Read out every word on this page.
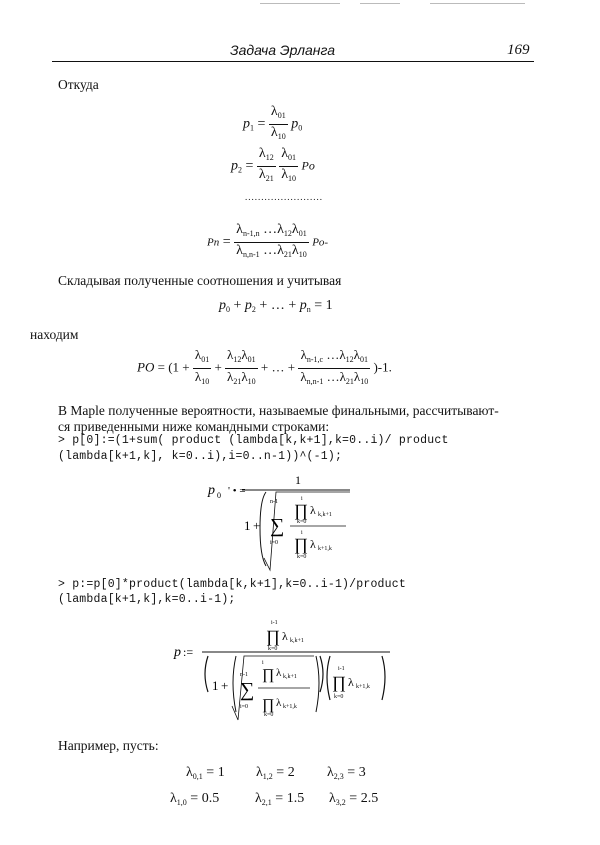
Задача Эрланга	169
Откуда
$p_1 = \frac{\lambda_{01}}{\lambda_{10}} p_0$
$p_2 = \frac{\lambda_{12}}{\lambda_{21}}$
$\frac{\lambda_{01}}{\lambda_{10}}$ Po
........................
$Pn = \frac{\lambda_{n-1,n} \dots\lambda_{12}\lambda_{01}}{\lambda_{n,n-1} \dots\lambda_{21}\lambda_{10}} Po-$
Складывая полученные соотношения и учитывая
$p_0 + p_2$ + … + $p_n = 1$
находим
PO = ($1 + \frac{\lambda_{01}}{\lambda_{10}} + \frac{\lambda_{12}\lambda_{01}}{\lambda_{21}\lambda_{10}}$ + … + $\frac{\lambda_{n-1,c} \dots\lambda_{12}\lambda_{01}}{\lambda_{n,n-1} \dots\lambda_{21}\lambda_{10}} )-1$.
В Maple полученные вероятности, называемые финальными, рассчитывают-
ся приведенными ниже командными строками:
> p[0]:=(1+sum( product (lambda[k,k+1],k=0..i)/ product
(lambda[k+1,k], k=0..i),i=0..n-1))^(-1);
p 0 ' • =
1
1 +
n-1
∑
i=0
i
∏
k=0
λ k,k+1
i
∏
k=0
λ k+1,k
> p:=p[0]*product(lambda[k,k+1],k=0..i-1)/product
(lambda[k+1,k],k=0..i-1);
p :=
i-1
∏
k=0
λ k,k+1
1 +
n-1
∑
i=0
∏
i
λ k,k+1
∏
k=0
λ k+1,k
i-1
∏
k=0
λ k+1,k
Например, пусть:
$\lambda_{0,1} = 1$ $\lambda_{1,2} = 2$ $\lambda_{2,3} = 3$
$\lambda_{1,0} = 0.5$	$\lambda_{2,1} = 1.5$ $\lambda_{3,2} = 2.5$
